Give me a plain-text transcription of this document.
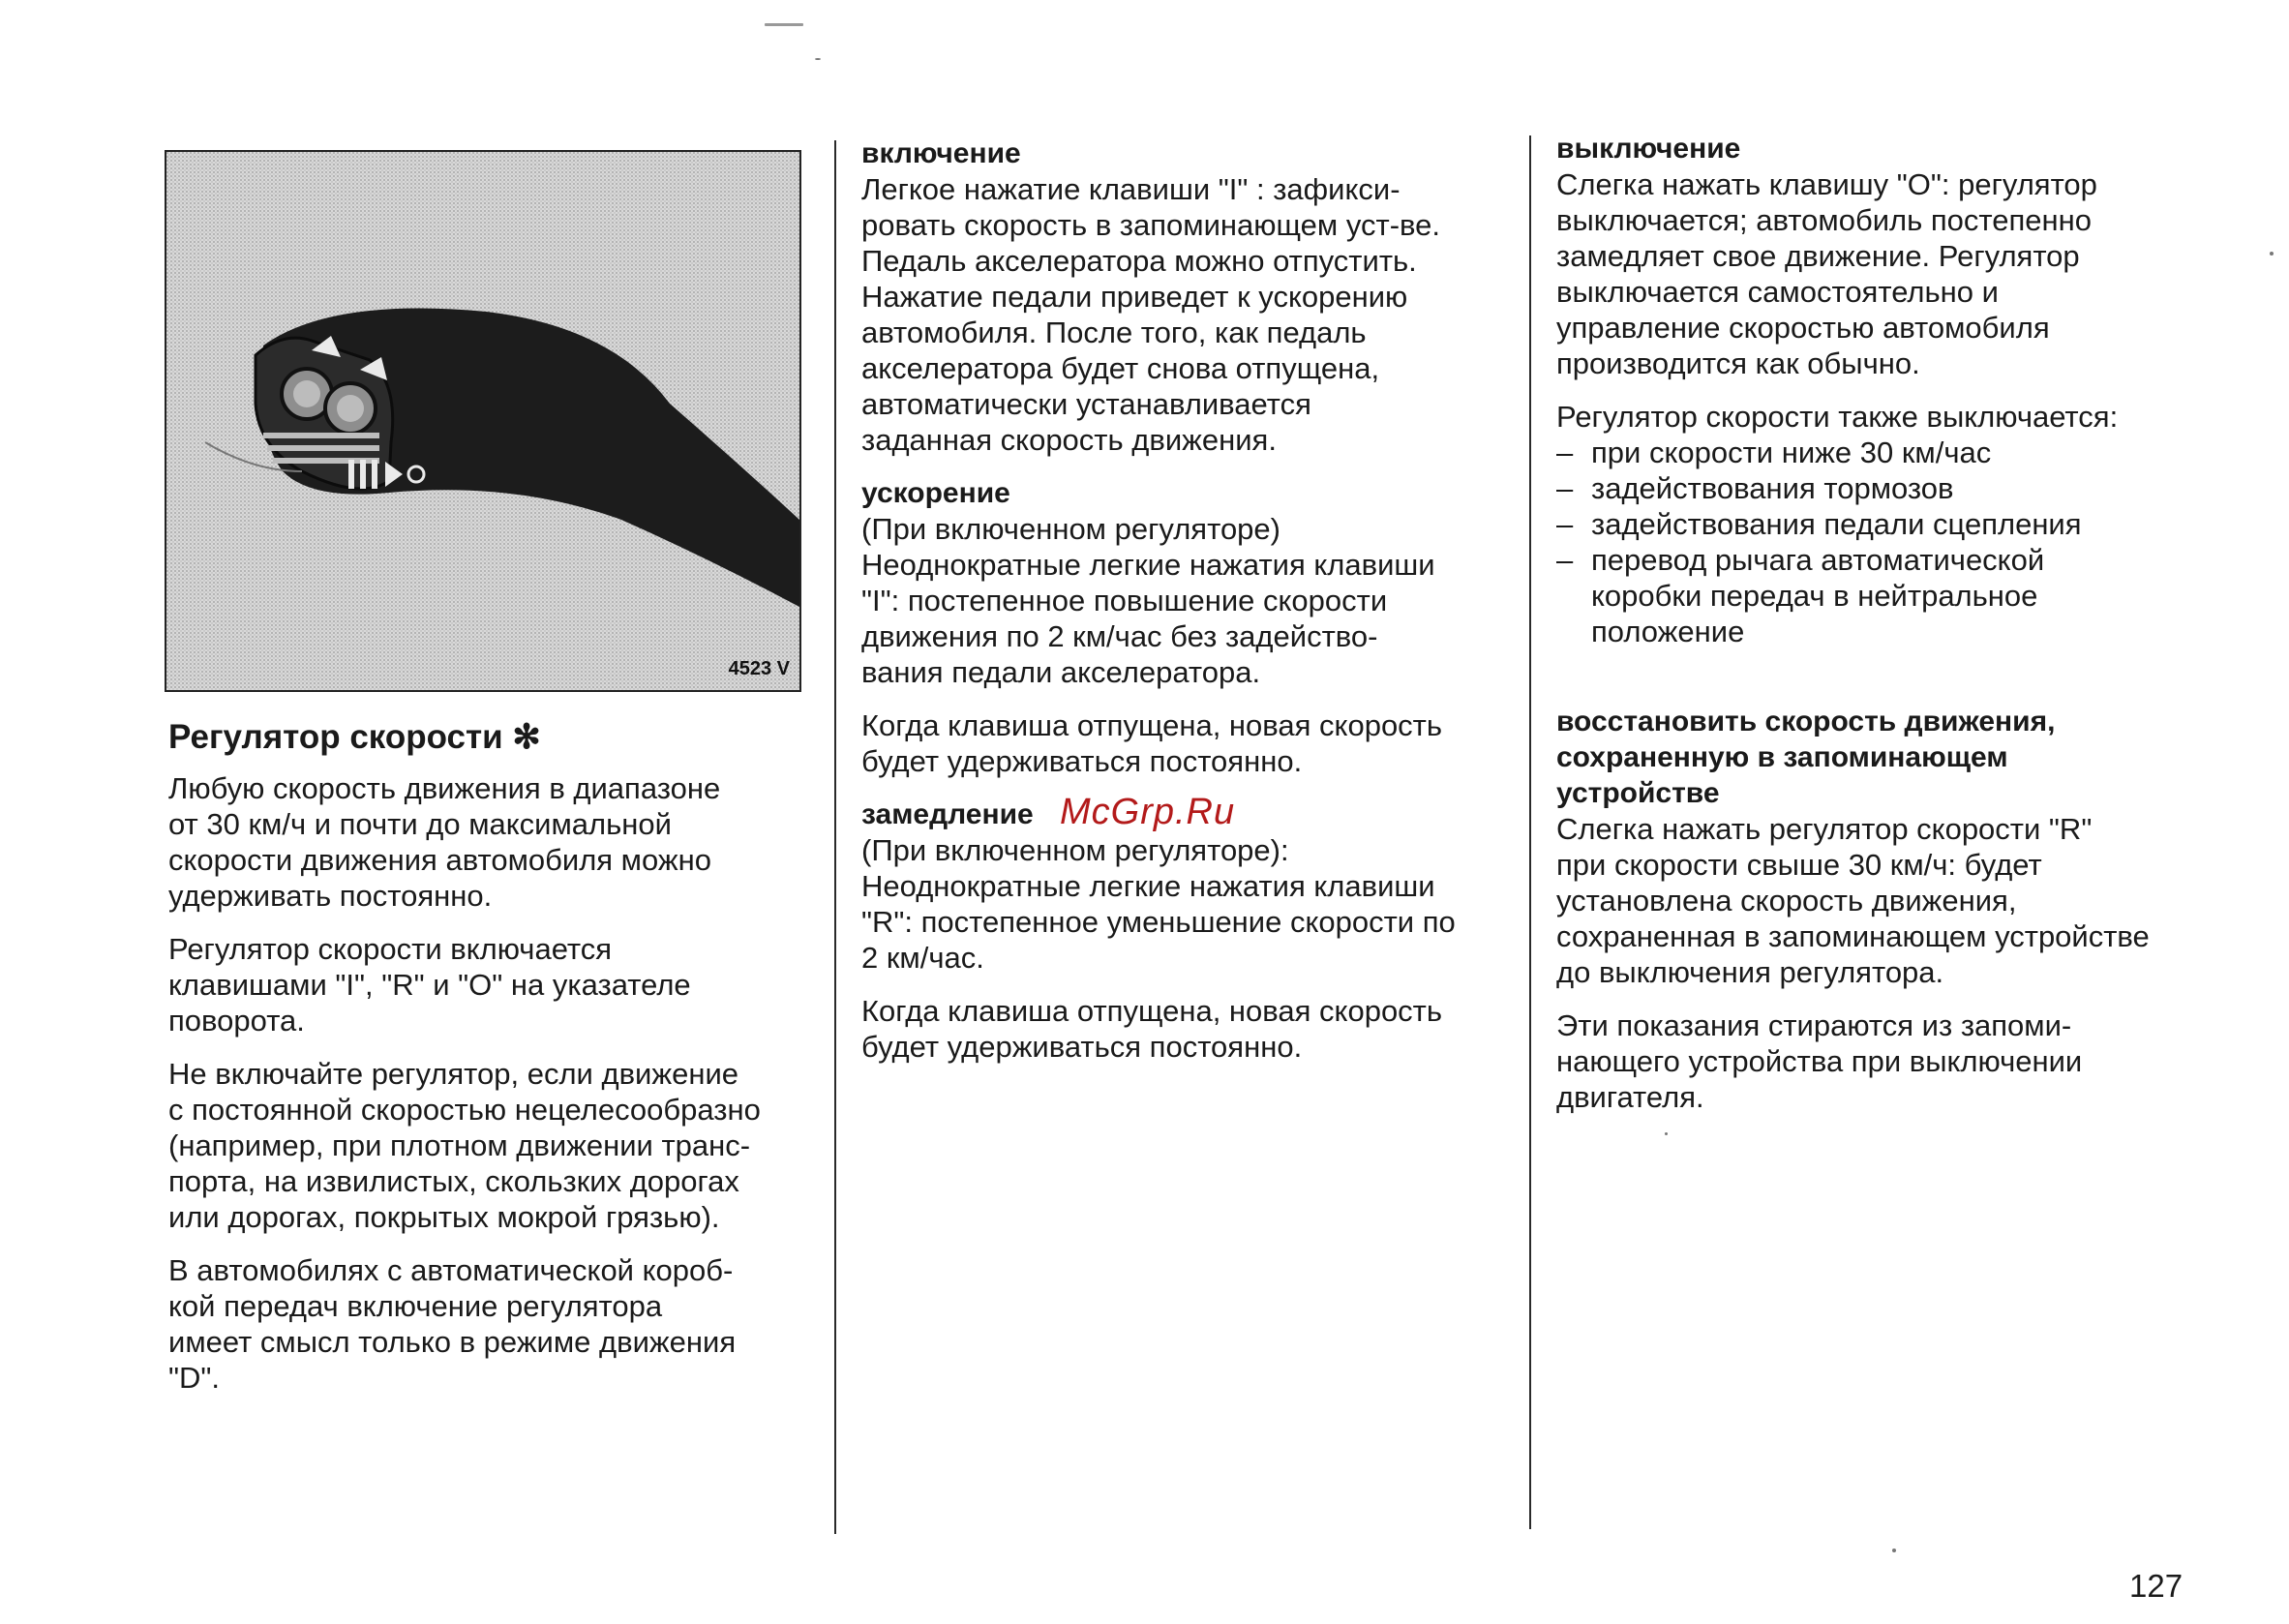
4523 V
Регулятор скорости ✻

Любую скорость движения в диапазоне
от 30 км/ч и почти до максимальной
скорости движения автомобиля можно
удерживать постоянно.

Регулятор скорости включается
клавишами "I", "R" и "O" на указателе
поворота.

Не включайте регулятор, если движение
с постоянной скоростью нецелесообразно
(например, при плотном движении транс-
порта, на извилистых, скользких дорогах
или дорогах, покрытых мокрой грязью).

В автомобилях с автоматической короб-
кой передач включение регулятора
имеет смысл только в режиме движения
"D".

включение

Легкое нажатие клавиши "I" : зафикси-
ровать скорость в запоминающем уст-ве.
Педаль акселератора можно отпустить.
Нажатие педали приведет к ускорению
автомобиля. После того, как педаль
акселератора будет снова отпущена,
автоматически устанавливается
заданная скорость движения.

ускорение

(При включенном регуляторе)
Неоднократные легкие нажатия клавиши
"I": постепенное повышение скорости
движения по 2 км/час без задейство-
вания педали акселератора.

Когда клавиша отпущена, новая скорость
будет удерживаться постоянно.

замедление

(При включенном регуляторе):
Неоднократные легкие нажатия клавиши
"R": постепенное уменьшение скорости по
2 км/час.

Когда клавиша отпущена, новая скорость
будет удерживаться постоянно.

выключение

Слегка нажать клавишу "O": регулятор
выключается; автомобиль постепенно
замедляет свое движение. Регулятор
выключается самостоятельно и
управление скоростью автомобиля
производится как обычно.

Регулятор скорости также выключается:

– при скорости ниже 30 км/час
– задействования тормозов
– задействования педали сцепления
– перевод рычага автоматической
коробки передач в нейтральное
положение
восстановить скорость движения,
сохраненную в запоминающем
устройстве

Слегка нажать регулятор скорости "R"
при скорости свыше 30 км/ч: будет
установлена скорость движения,
сохраненная в запоминающем устройстве
до выключения регулятора.

Эти показания стираются из запоми-
нающего устройства при выключении
двигателя.

McGrp.Ru
127
